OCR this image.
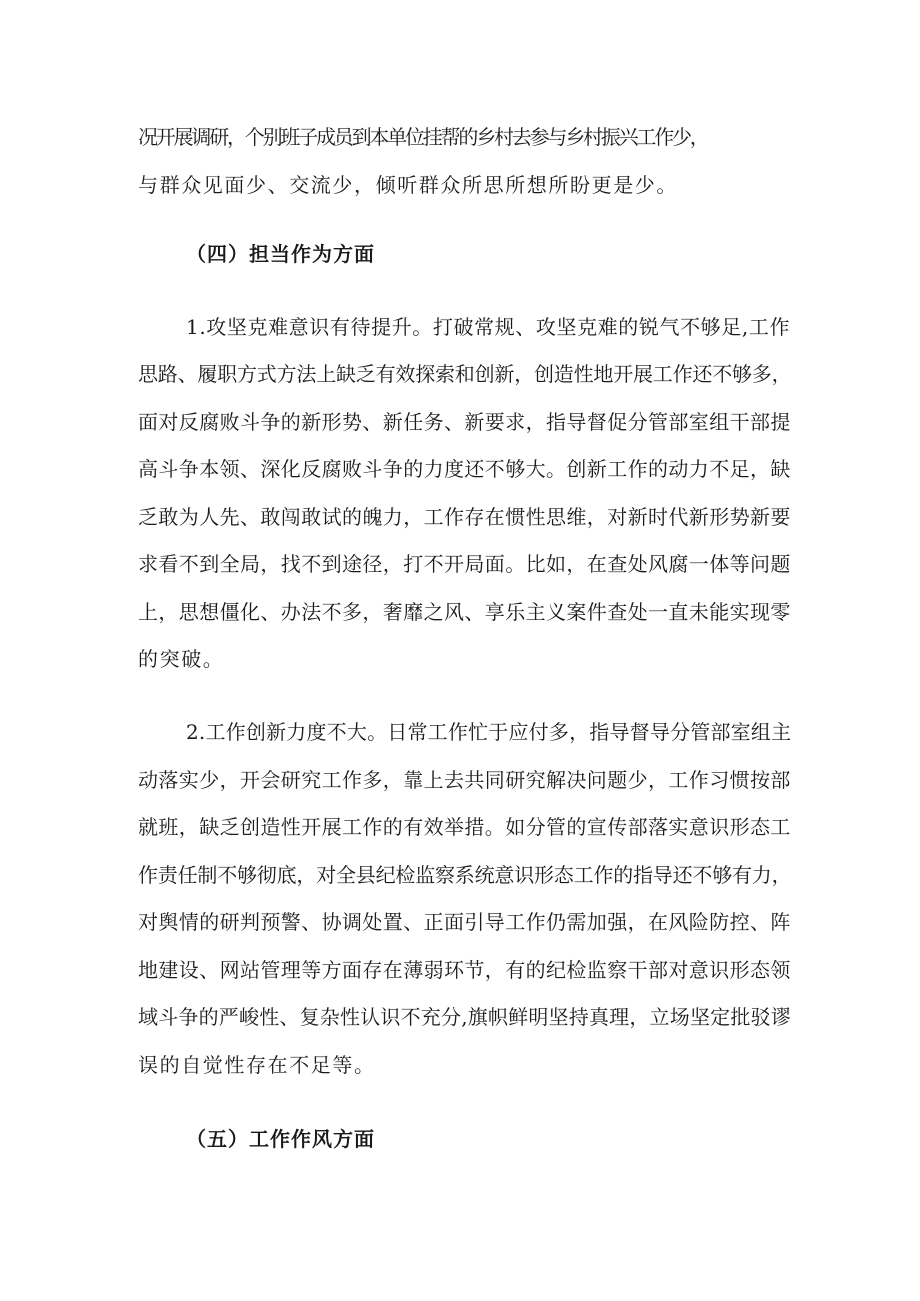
况开展调研，个别班子成员到本单位挂帮的乡村去参与乡村振兴工作少，
与群众见面少、交流少，倾听群众所思所想所盼更是少。
（四）担当作为方面
1.攻坚克难意识有待提升。打破常规、攻坚克难的锐气不够足,工作
思路、履职方式方法上缺乏有效探索和创新，创造性地开展工作还不够多，
面对反腐败斗争的新形势、新任务、新要求，指导督促分管部室组干部提
高斗争本领、深化反腐败斗争的力度还不够大。创新工作的动力不足，缺
乏敢为人先、敢闯敢试的魄力，工作存在惯性思维，对新时代新形势新要
求看不到全局，找不到途径，打不开局面。比如，在查处风腐一体等问题
上，思想僵化、办法不多，奢靡之风、享乐主义案件查处一直未能实现零
的突破。
2.工作创新力度不大。日常工作忙于应付多，指导督导分管部室组主
动落实少，开会研究工作多，靠上去共同研究解决问题少，工作习惯按部
就班，缺乏创造性开展工作的有效举措。如分管的宣传部落实意识形态工
作责任制不够彻底，对全县纪检监察系统意识形态工作的指导还不够有力，
对舆情的研判预警、协调处置、正面引导工作仍需加强，在风险防控、阵
地建设、网站管理等方面存在薄弱环节，有的纪检监察干部对意识形态领
域斗争的严峻性、复杂性认识不充分,旗帜鲜明坚持真理，立场坚定批驳谬
误的自觉性存在不足等。
（五）工作作风方面
